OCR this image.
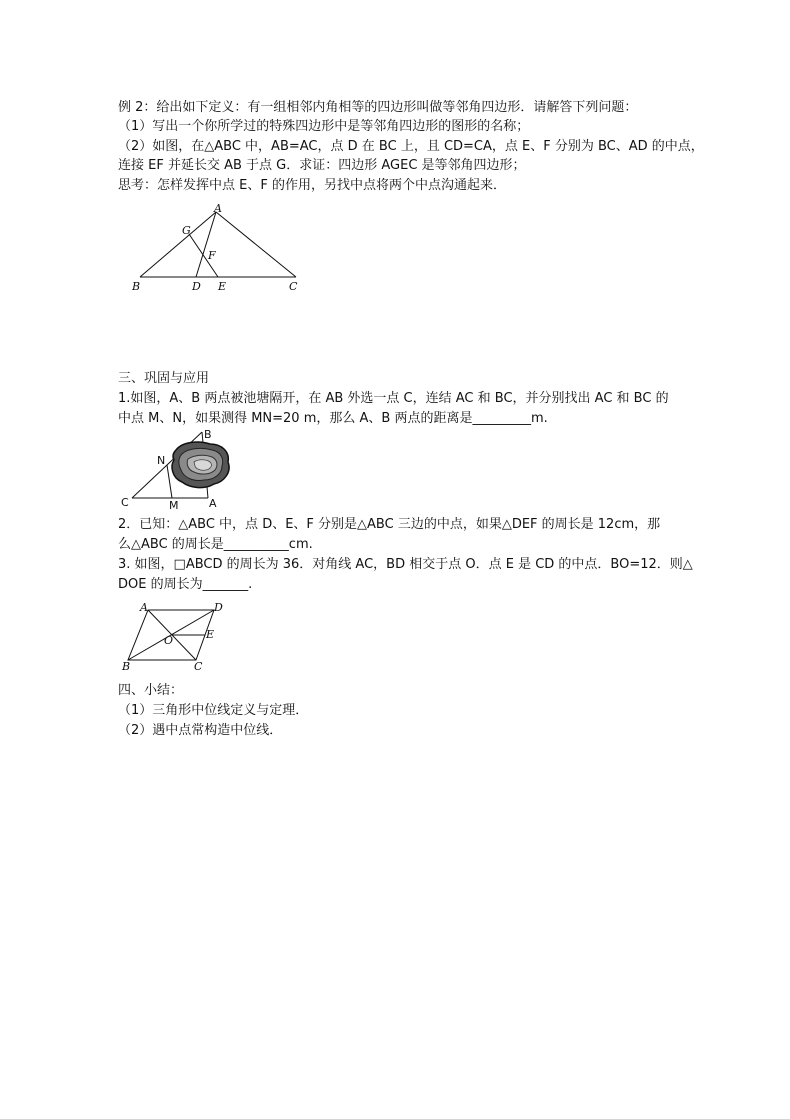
例 2：给出如下定义：有一组相邻内角相等的四边形叫做等邻角四边形．请解答下列问题：
（1）写出一个你所学过的特殊四边形中是等邻角四边形的图形的名称；
（2）如图，在△ABC 中，AB=AC，点 D 在 BC 上，且 CD=CA，点 E、F 分别为 BC、AD 的中点，
连接 EF 并延长交 AB 于点 G．求证：四边形 AGEC 是等邻角四边形；
思考：怎样发挥中点 E、F 的作用，另找中点将两个中点沟通起来．
A
G
F
B	D E	C
三、巩固与应用
1.如图，A、B 两点被池塘隔开，在 AB 外选一点 C，连结 AC 和 BC，并分别找出 AC 和 BC 的
中点 M、N，如果测得 MN=20 m，那么 A、B 两点的距离是_________m.
B
N
C	M	A
2．已知：△ABC 中，点 D、E、F 分别是△ABC 三边的中点，如果△DEF 的周长是 12cm，那
么△ABC 的周长是__________cm.
3. 如图，□ABCD 的周长为 36．对角线 AC，BD 相交于点 O．点 E 是 CD 的中点．BO=12．则△
DOE 的周长为_______.
A	D
O	E
B	C
四、小结：
（1）三角形中位线定义与定理．
（2）遇中点常构造中位线．
